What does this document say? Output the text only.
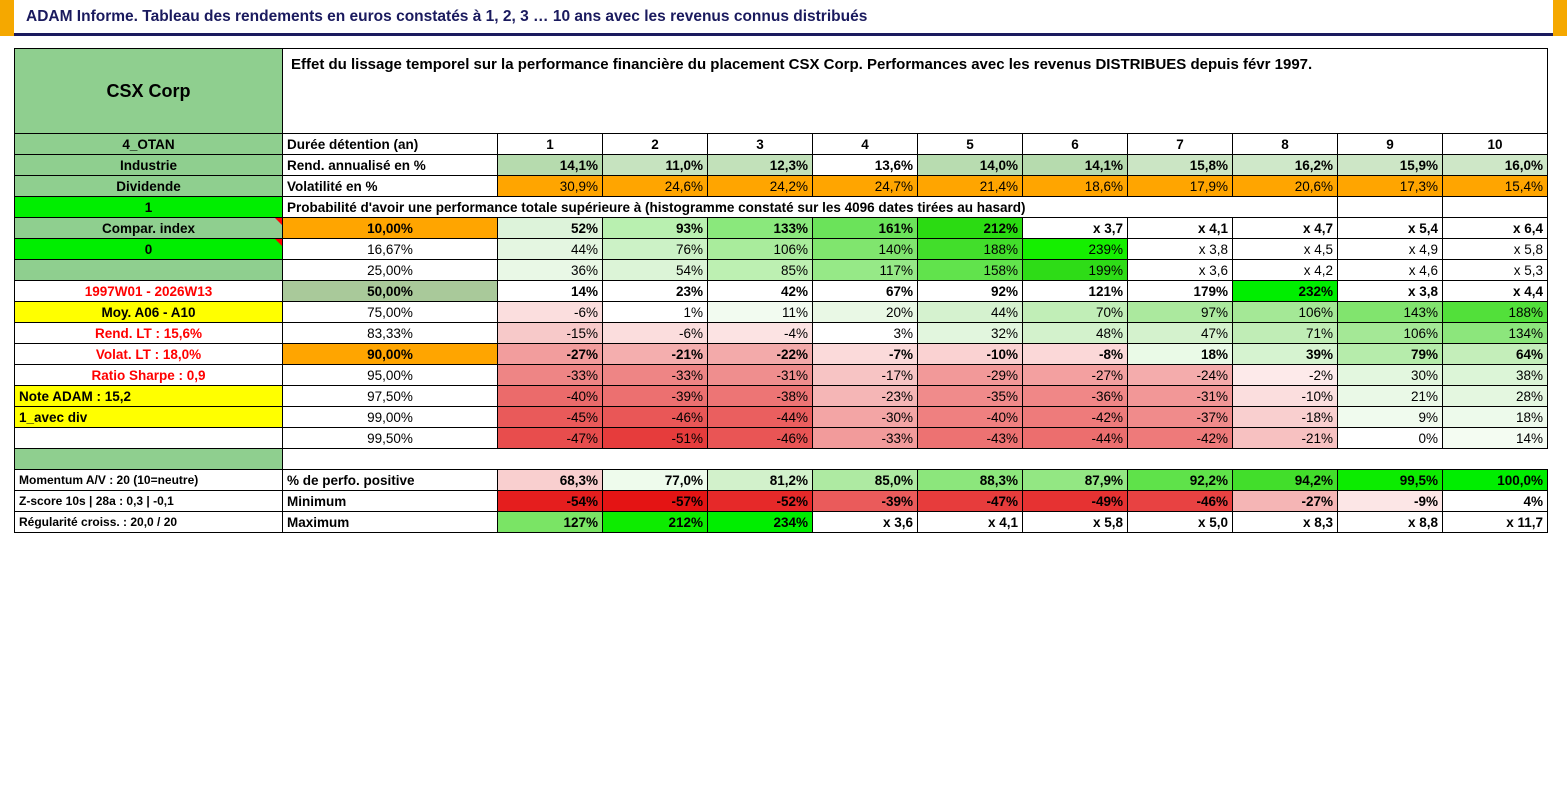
ADAM Informe. Tableau des rendements en euros constatés à 1, 2, 3 … 10 ans avec les revenus connus distribués
CSX Corp	Effet du lissage temporel sur la performance financière du placement CSX Corp. Performances avec les revenus DISTRIBUES depuis févr 1997.										
4_OTAN	Durée détention (an)	1	2	3	4	5	6	7	8	9	10
Industrie	Rend. annualisé en %	14,1%	11,0%	12,3%	13,6%	14,0%	14,1%	15,8%	16,2%	15,9%	16,0%
Dividende	Volatilité en %	30,9%	24,6%	24,2%	24,7%	21,4%	18,6%	17,9%	20,6%	17,3%	15,4%
1	Probabilité d'avoir une performance totale supérieure à (histogramme constaté sur les 4096 dates tirées au hasard)										
Compar. index	10,00%	52%	93%	133%	161%	212%	x 3,7	x 4,1	x 4,7	x 5,4	x 6,4
0	16,67%	44%	76%	106%	140%	188%	239%	x 3,8	x 4,5	x 4,9	x 5,8
	25,00%	36%	54%	85%	117%	158%	199%	x 3,6	x 4,2	x 4,6	x 5,3
1997W01 - 2026W13	50,00%	14%	23%	42%	67%	92%	121%	179%	232%	x 3,8	x 4,4
Moy. A06 - A10	75,00%	-6%	1%	11%	20%	44%	70%	97%	106%	143%	188%
Rend. LT : 15,6%	83,33%	-15%	-6%	-4%	3%	32%	48%	47%	71%	106%	134%
Volat. LT : 18,0%	90,00%	-27%	-21%	-22%	-7%	-10%	-8%	18%	39%	79%	64%
Ratio Sharpe : 0,9	95,00%	-33%	-33%	-31%	-17%	-29%	-27%	-24%	-2%	30%	38%
Note ADAM : 15,2	97,50%	-40%	-39%	-38%	-23%	-35%	-36%	-31%	-10%	21%	28%
1_avec div	99,00%	-45%	-46%	-44%	-30%	-40%	-42%	-37%	-18%	9%	18%
	99,50%	-47%	-51%	-46%	-33%	-43%	-44%	-42%	-21%	0%	14%

Momentum A/V : 20 (10=neutre)	% de perfo. positive	68,3%	77,0%	81,2%	85,0%	88,3%	87,9%	92,2%	94,2%	99,5%	100,0%
Z-score 10s | 28a : 0,3 | -0,1	Minimum	-54%	-57%	-52%	-39%	-47%	-49%	-46%	-27%	-9%	4%
Régularité croiss. : 20,0 / 20	Maximum	127%	212%	234%	x 3,6	x 4,1	x 5,8	x 5,0	x 8,3	x 8,8	x 11,7
